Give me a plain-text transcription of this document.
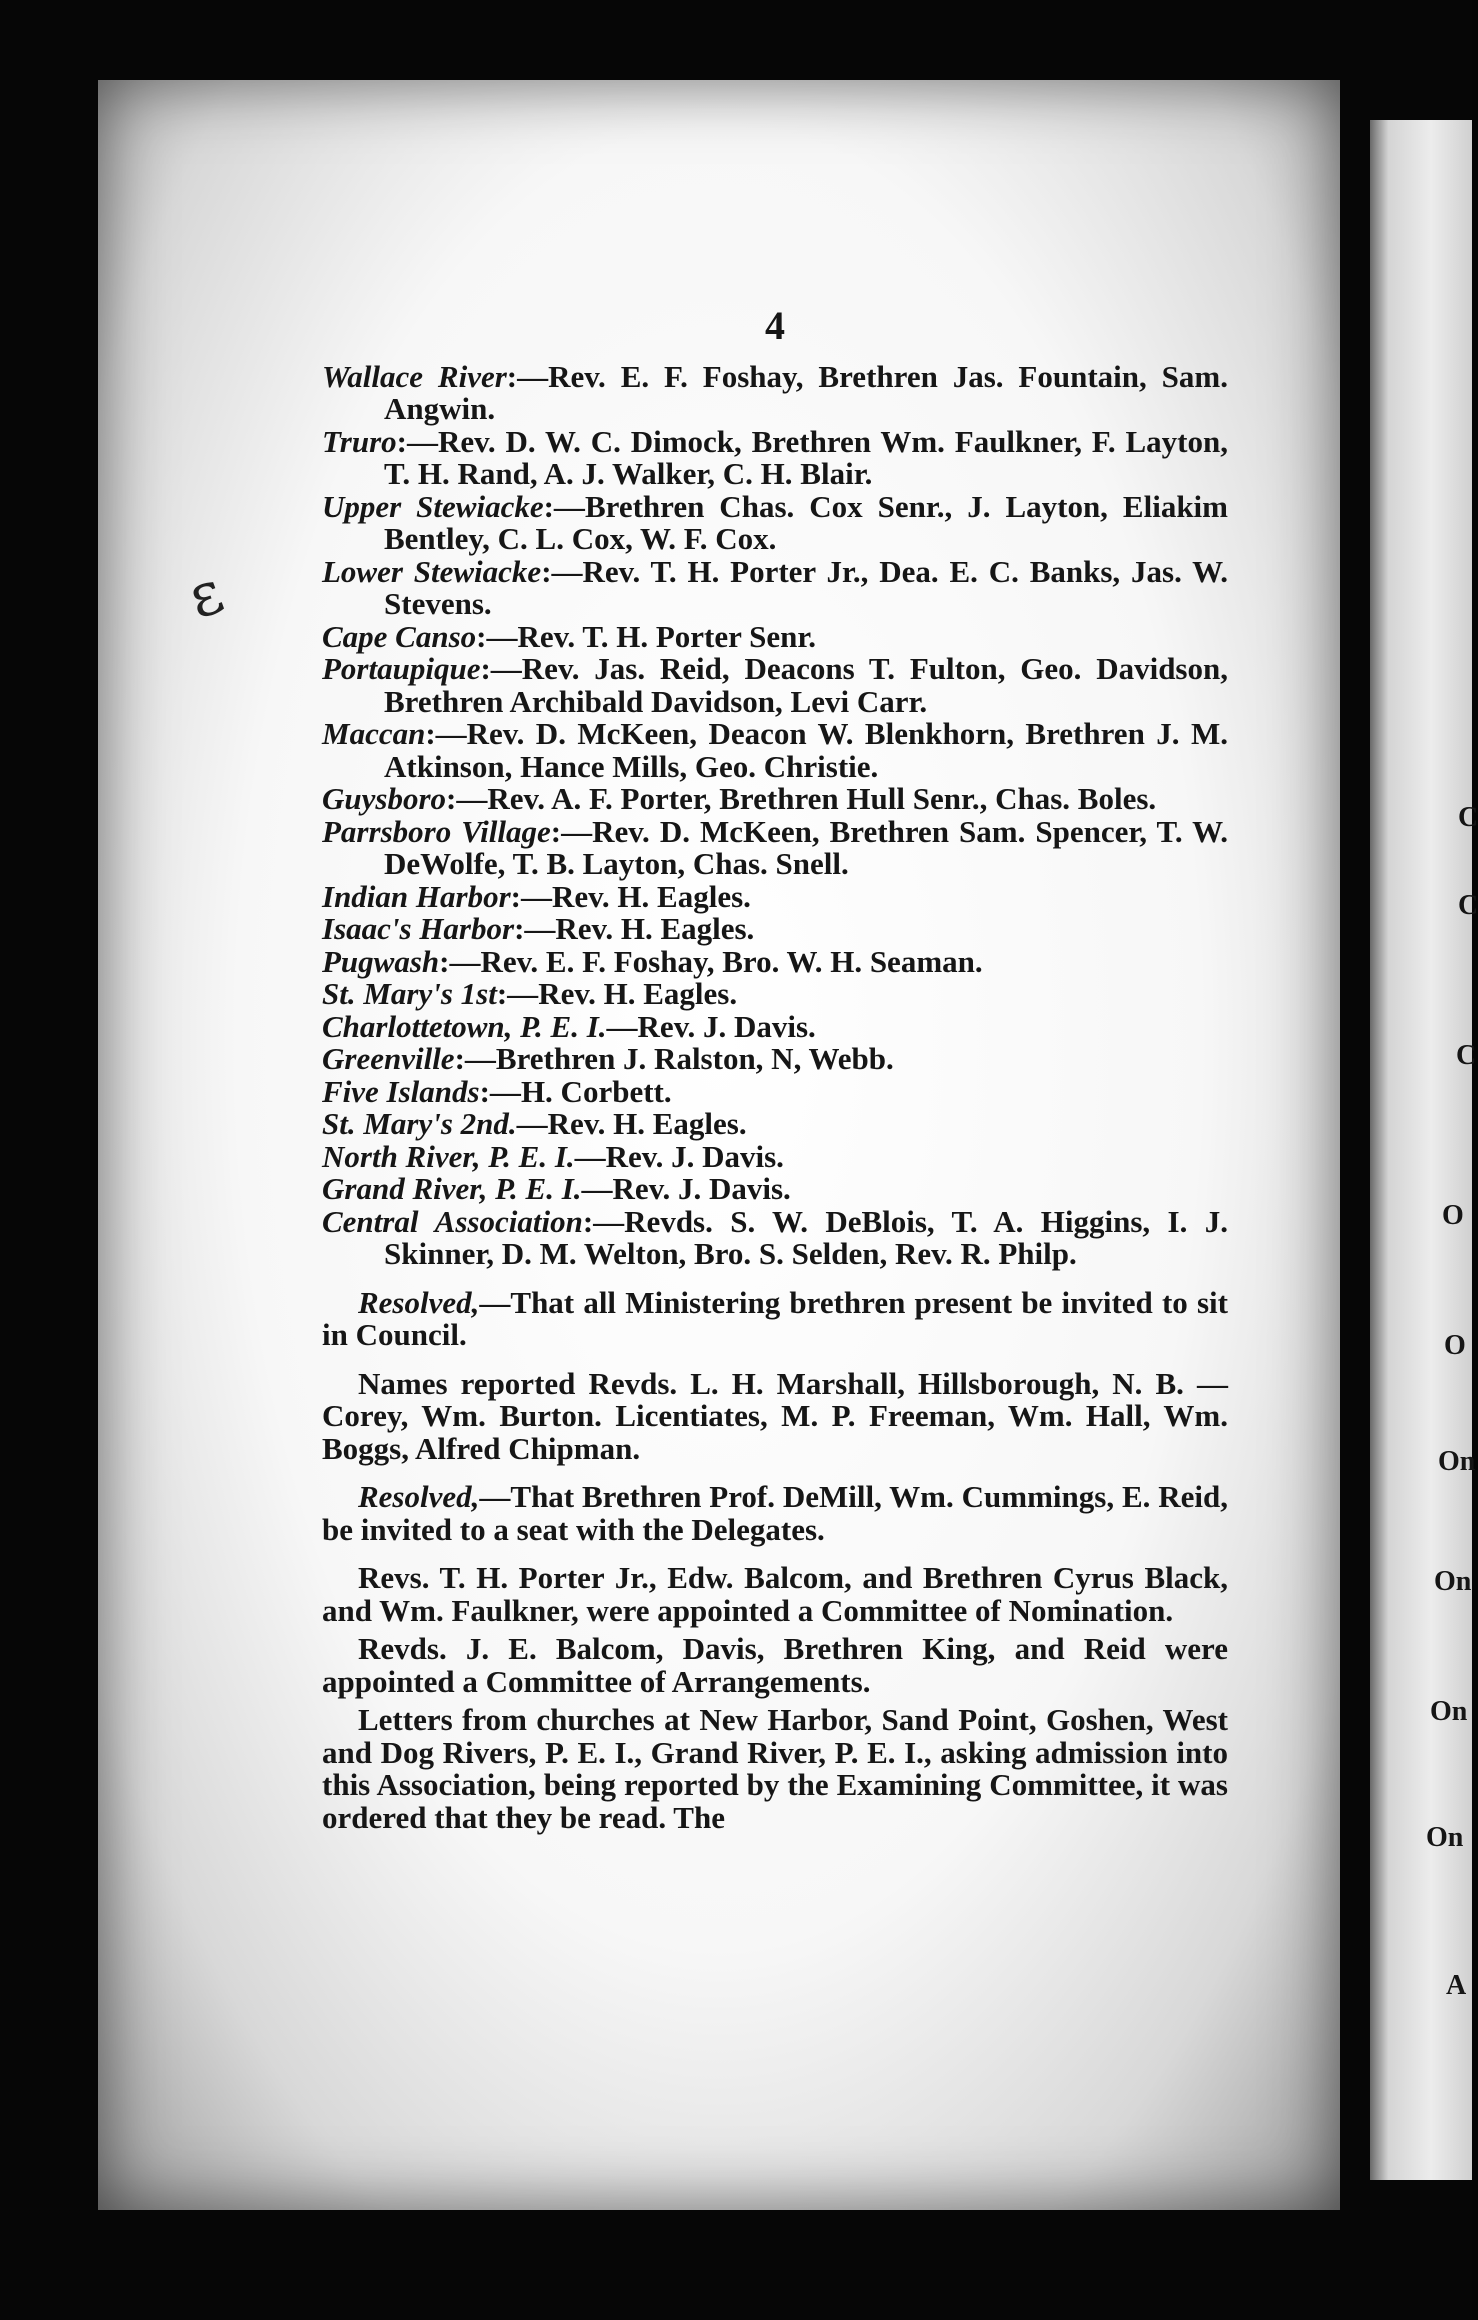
ɛ
C
C
C
O
O
On
On
On
On
A
4
Wallace River:—Rev. E. F. Foshay, Brethren Jas. Fountain, Sam. Angwin.
Truro:—Rev. D. W. C. Dimock, Brethren Wm. Faulkner, F. Layton, T. H. Rand, A. J. Walker, C. H. Blair.
Upper Stewiacke:—Brethren Chas. Cox Senr., J. Layton, Eliakim Bentley, C. L. Cox, W. F. Cox.
Lower Stewiacke:—Rev. T. H. Porter Jr., Dea. E. C. Banks, Jas. W. Stevens.
Cape Canso:—Rev. T. H. Porter Senr.
Portaupique:—Rev. Jas. Reid, Deacons T. Fulton, Geo. Davidson, Brethren Archibald Davidson, Levi Carr.
Maccan:—Rev. D. McKeen, Deacon W. Blenkhorn, Brethren J. M. Atkinson, Hance Mills, Geo. Christie.
Guysboro:—Rev. A. F. Porter, Brethren Hull Senr., Chas. Boles.
Parrsboro Village:—Rev. D. McKeen, Brethren Sam. Spencer, T. W. DeWolfe, T. B. Layton, Chas. Snell.
Indian Harbor:—Rev. H. Eagles.
Isaac's Harbor:—Rev. H. Eagles.
Pugwash:—Rev. E. F. Foshay, Bro. W. H. Seaman.
St. Mary's 1st:—Rev. H. Eagles.
Charlottetown, P. E. I.—Rev. J. Davis.
Greenville:—Brethren J. Ralston, N, Webb.
Five Islands:—H. Corbett.
St. Mary's 2nd.—Rev. H. Eagles.
North River, P. E. I.—Rev. J. Davis.
Grand River, P. E. I.—Rev. J. Davis.
Central Association:—Revds. S. W. DeBlois, T. A. Higgins, I. J. Skinner, D. M. Welton, Bro. S. Selden, Rev. R. Philp.
Resolved,—That all Ministering brethren present be invited to sit in Council.
Names reported Revds. L. H. Marshall, Hillsborough, N. B. — Corey, Wm. Burton. Licentiates, M. P. Freeman, Wm. Hall, Wm. Boggs, Alfred Chipman.
Resolved,—That Brethren Prof. DeMill, Wm. Cummings, E. Reid, be invited to a seat with the Delegates.
Revs. T. H. Porter Jr., Edw. Balcom, and Brethren Cyrus Black, and Wm. Faulkner, were appointed a Committee of Nomination.
Revds. J. E. Balcom, Davis, Brethren King, and Reid were appointed a Committee of Arrangements.
Letters from churches at New Harbor, Sand Point, Goshen, West and Dog Rivers, P. E. I., Grand River, P. E. I., asking admission into this Association, being reported by the Examining Committee, it was ordered that they be read. The
